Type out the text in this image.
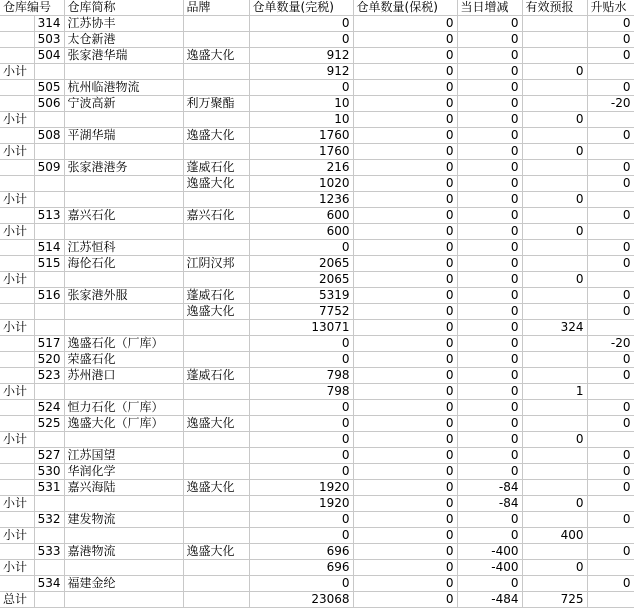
仓库编号		仓库简称	品牌	仓单数量(完税)	仓单数量(保税)	当日增减	有效预报	升贴水
	314	江苏协丰		0	0	0		0
	503	太仓新港		0	0	0		0
	504	张家港华瑞	逸盛大化	912	0	0		0
小计				912	0	0	0	
	505	杭州临港物流		0	0	0		0
	506	宁波高新	利万聚酯	10	0	0		-20
小计				10	0	0	0	
	508	平湖华瑞	逸盛大化	1760	0	0		0
小计				1760	0	0	0	
	509	张家港港务	蓬威石化	216	0	0		0
			逸盛大化	1020	0	0		0
小计				1236	0	0	0	
	513	嘉兴石化	嘉兴石化	600	0	0		0
小计				600	0	0	0	
	514	江苏恒科		0	0	0		0
	515	海伦石化	江阴汉邦	2065	0	0		0
小计				2065	0	0	0	
	516	张家港外服	蓬威石化	5319	0	0		0
			逸盛大化	7752	0	0		0
小计				13071	0	0	324	
	517	逸盛石化（厂库）		0	0	0		-20
	520	荣盛石化		0	0	0		0
	523	苏州港口	蓬威石化	798	0	0		0
小计				798	0	0	1	
	524	恒力石化（厂库）		0	0	0		0
	525	逸盛大化（厂库）	逸盛大化	0	0	0		0
小计				0	0	0	0	
	527	江苏国望		0	0	0		0
	530	华润化学		0	0	0		0
	531	嘉兴海陆	逸盛大化	1920	0	-84		0
小计				1920	0	-84	0	
	532	建发物流		0	0	0		0
小计				0	0	0	400	
	533	嘉港物流	逸盛大化	696	0	-400		0
小计				696	0	-400	0	
	534	福建金纶		0	0	0		0
总计				23068	0	-484	725	
